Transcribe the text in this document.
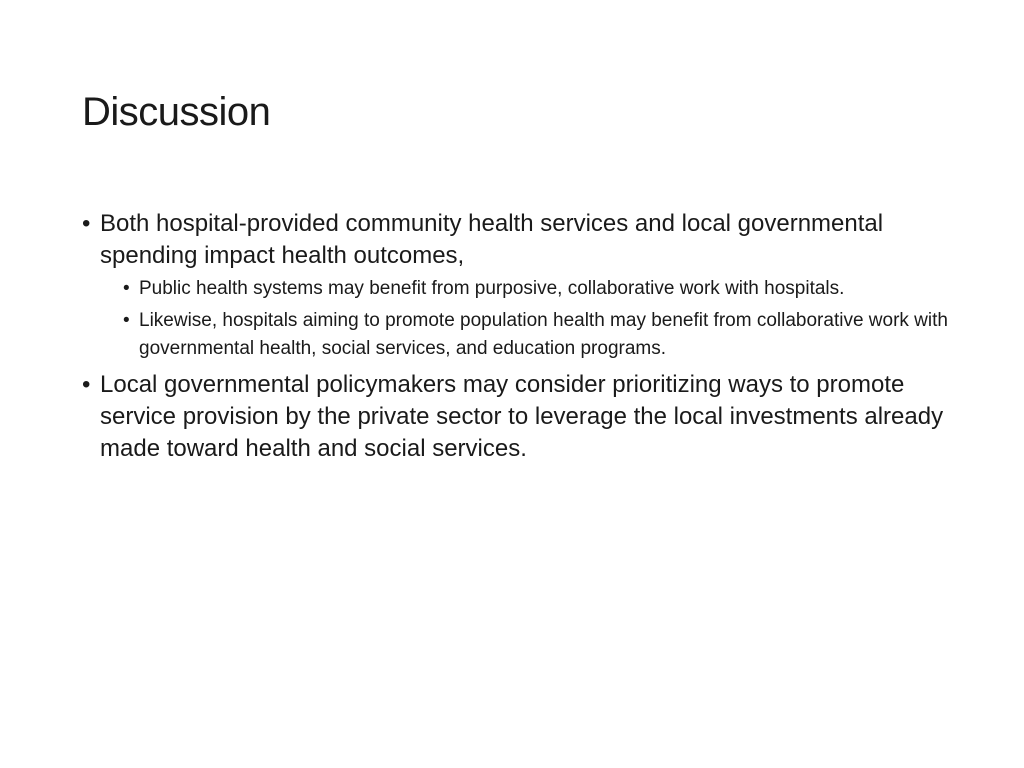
Discussion
• Both hospital-provided community health services and local governmental spending impact health outcomes,
• Public health systems may benefit from purposive, collaborative work with hospitals.
• Likewise, hospitals aiming to promote population health may benefit from collaborative work with governmental health, social services, and education programs.
• Local governmental policymakers may consider prioritizing ways to promote service provision by the private sector to leverage the local investments already made toward health and social services.
